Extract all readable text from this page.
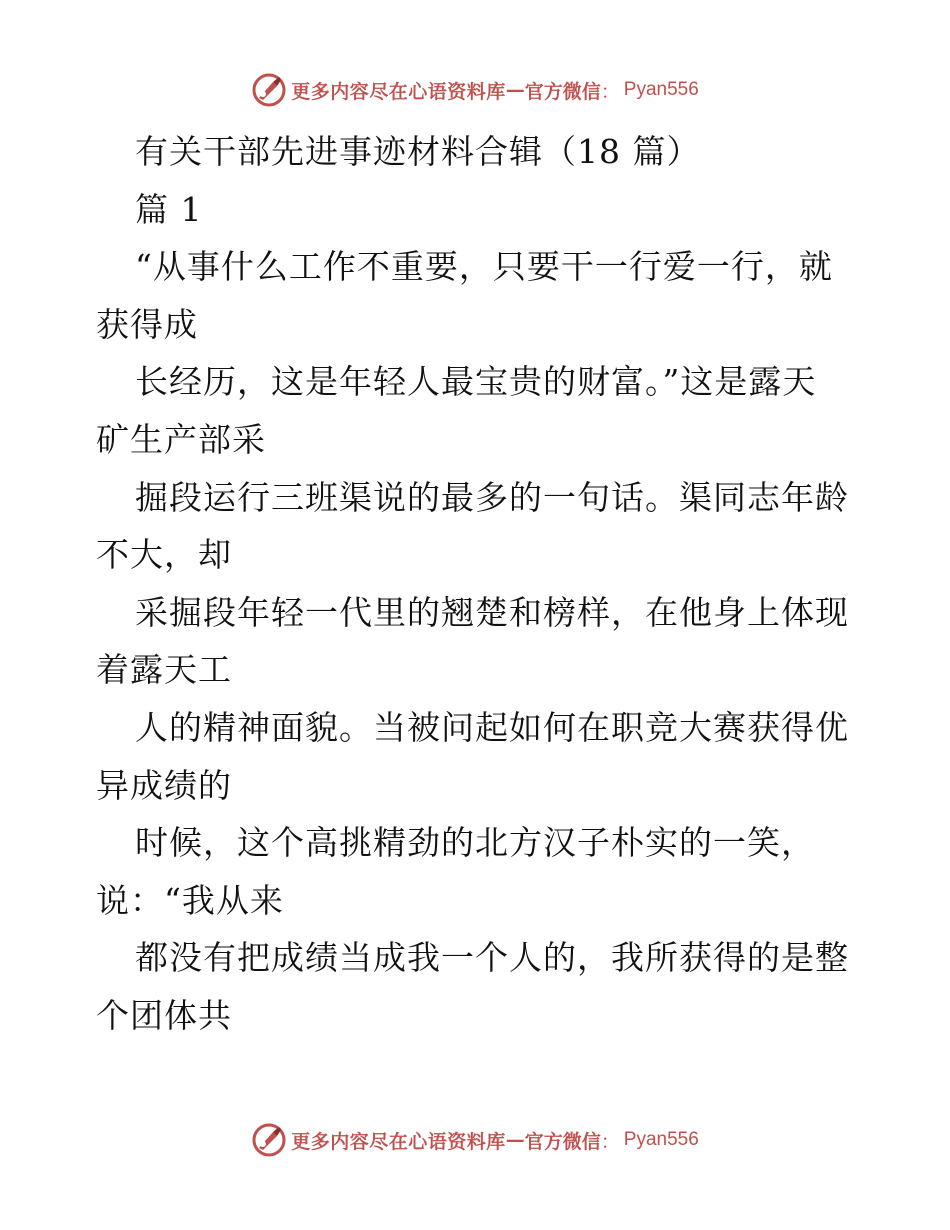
更多内容尽在心语资料库 — 官方微信 ： Pyan556
有关干部先进事迹材料合辑（18 篇）
篇 1
“从事什么工作不重要，只要干一行爱一行，就
获得成
长经历，这是年轻人最宝贵的财富。”这是露天
矿生产部采
掘段运行三班渠说的最多的一句话。渠同志年龄
不大，却
采掘段年轻一代里的翘楚和榜样，在他身上体现
着露天工
人的精神面貌。当被问起如何在职竞大赛获得优
异成绩的
时候，这个高挑精劲的北方汉子朴实的一笑，
说：“我从来
都没有把成绩当成我一个人的，我所获得的是整
个团体共
更多内容尽在心语资料库 — 官方微信 ： Pyan556
